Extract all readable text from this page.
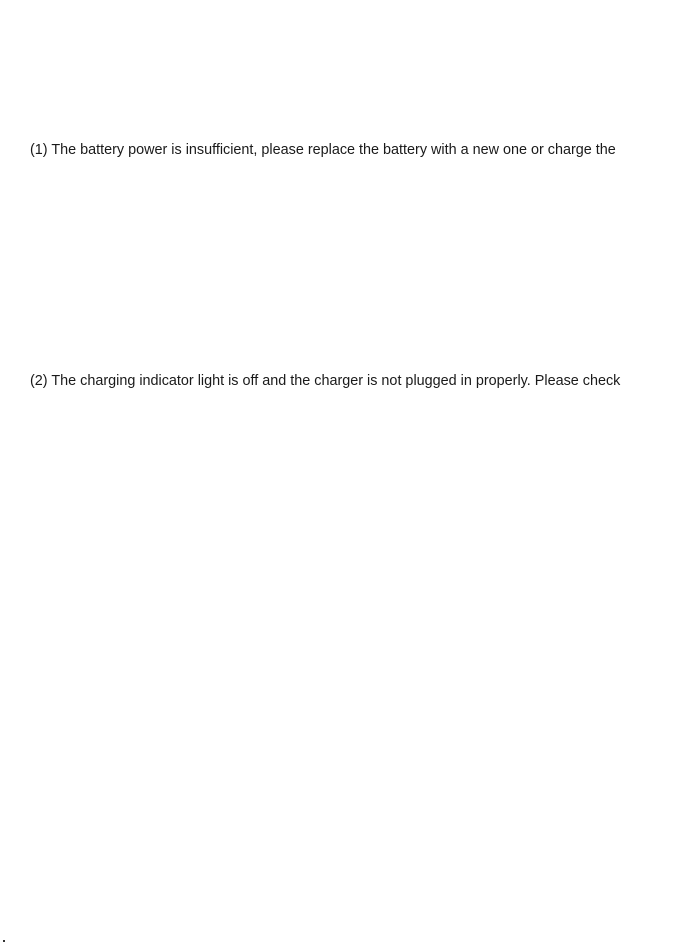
(1) The battery power is insufficient, please replace the battery with a new one or charge the

(2) The charging indicator light is off and the charger is not plugged in properly. Please check
